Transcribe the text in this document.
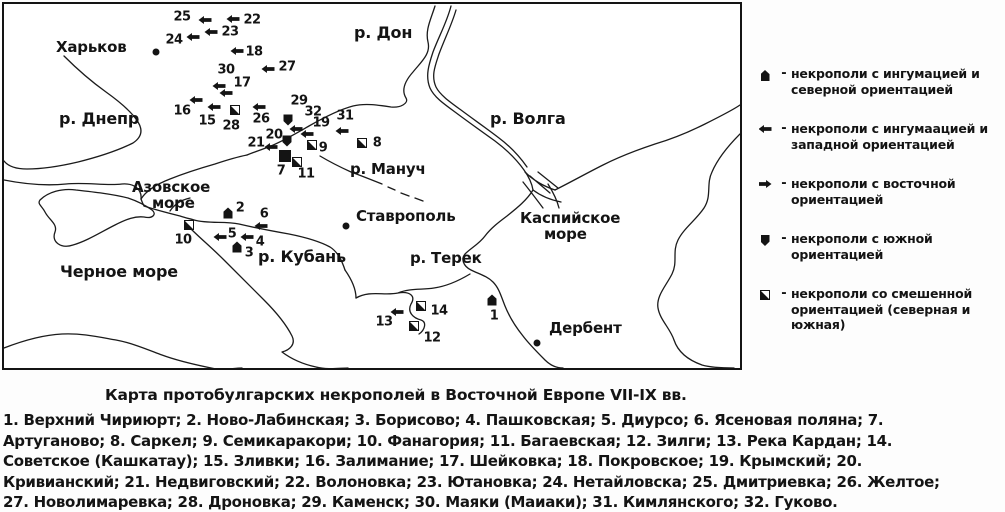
Харьков
р. Днепр
р. Дон
р. Волга
р. Мануч
Азовское
море
Ставрополь	Каспийское
море
р. Кубань	р. Терек
Черное море
Дербент
25	22
23
24
18
27
30
17
16
15 28 26
29
32
19 31
20
21	9	8
7 11
2 6
5
4
3
10
13
14
12
1
- некрополи с ингумацией и
северной ориентацией
- некрополи с ингумаацией и
западной ориентацией
- некрополи с восточной
ориентацией
- некрополи с южной
ориентацией
- некрополи со смешенной
ориентацией (северная и
южная)
Карта протобулгарских некрополей в Восточной Европе VII-IX вв.
1. Верхний Чириюрт; 2. Ново-Лабинская; 3. Борисово; 4. Пашковская; 5. Диурсо; 6. Ясеновая поляна; 7.
Артуганово; 8. Саркел; 9. Семикаракори; 10. Фанагория; 11. Багаевская; 12. Зилги; 13. Река Кардан; 14.
Советское (Кашкатау); 15. Зливки; 16. Залимание; 17. Шейковка; 18. Покровское; 19. Крымский; 20.
Кривианский; 21. Недвиговский; 22. Волоновка; 23. Ютановка; 24. Нетайловска; 25. Дмитриевка; 26. Желтое;
27. Новолимаревка; 28. Дроновка; 29. Каменск; 30. Маяки (Маиаки); 31. Кимлянского; 32. Гуково.
